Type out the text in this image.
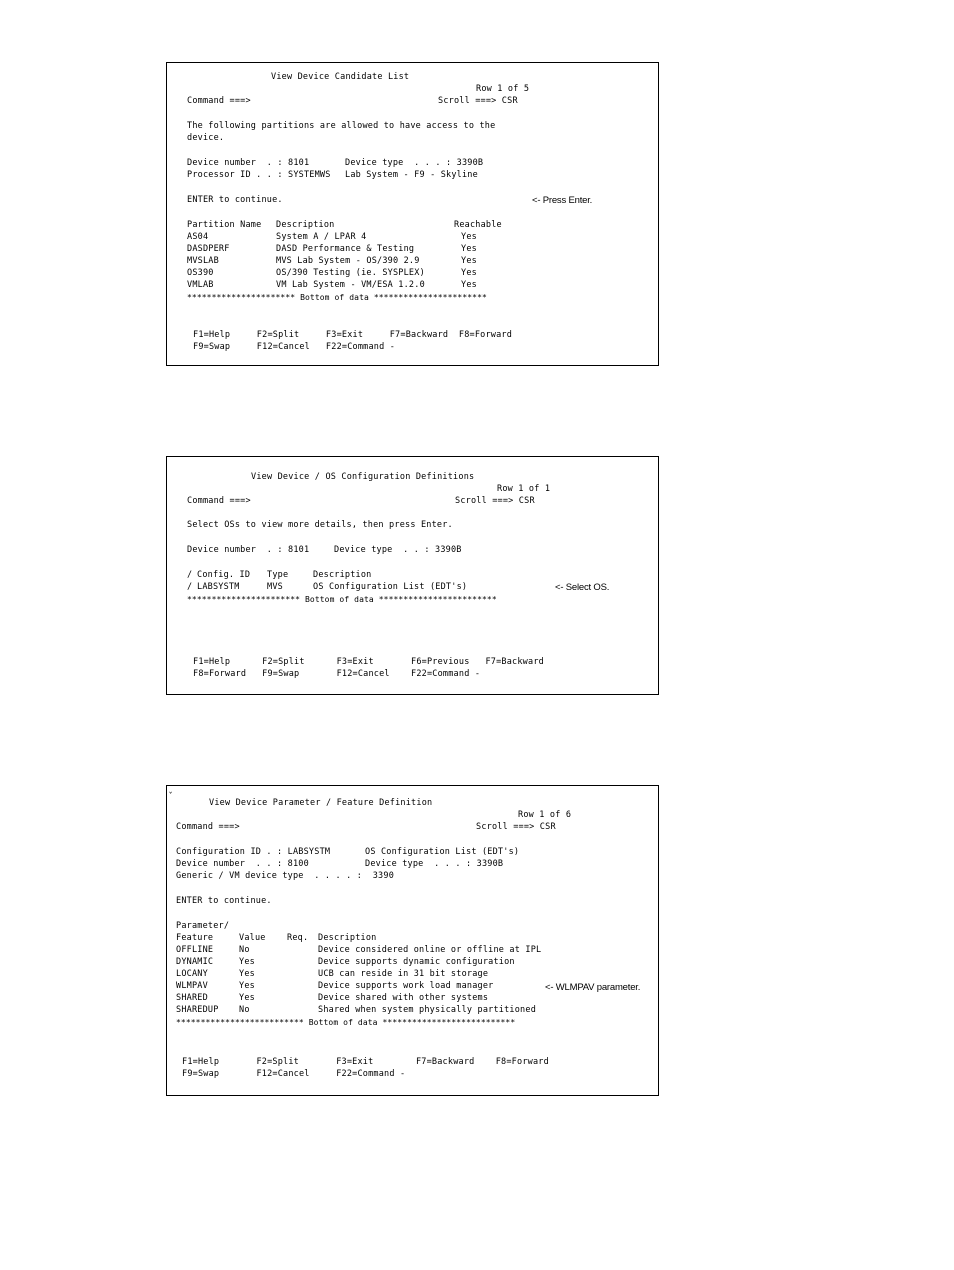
View Device Candidate List
Row 1 of 5
Command ===>	Scroll ===> CSR
The following partitions are allowed to have access to the
device.
Device number  . : 8101	Device type  . . . : 3390B
Processor ID . . : SYSTEMWS Lab System - F9 - Skyline
ENTER to continue.	<- Press Enter.
Partition Name Description	Reachable
AS04	System A / LPAR 4	Yes
DASDPERF	DASD Performance & Testing	Yes
MVSLAB	MVS Lab System - OS/390 2.9	Yes
OS390	OS/390 Testing (ie. SYSPLEX)	Yes
VMLAB	VM Lab System - VM/ESA 1.2.0	Yes
********************** Bottom of data ***********************
F1=Help     F2=Split     F3=Exit     F7=Backward  F8=Forward
F9=Swap     F12=Cancel   F22=Command -
View Device / OS Configuration Definitions
Row 1 of 1
Command ===>	Scroll ===> CSR
Select OSs to view more details, then press Enter.
Device number  . : 8101	Device type  . . : 3390B
/ Config. ID Type	Description
/ LABSYSTM	MVS	OS Configuration List (EDT's)	<- Select OS.
*********************** Bottom of data ************************
F1=Help      F2=Split      F3=Exit       F6=Previous   F7=Backward
F8=Forward   F9=Swap       F12=Cancel    F22=Command -
ˇ
View Device Parameter / Feature Definition
Row 1 of 6
Command ===>	Scroll ===> CSR
Configuration ID . : LABSYSTM	OS Configuration List (EDT's)
Device number  . . : 8100	Device type  . . . : 3390B
Generic / VM device type  . . . . :  3390
ENTER to continue.
Parameter/
Feature	Value	Req. Description
OFFLINE	No	Device considered online or offline at IPL
DYNAMIC	Yes	Device supports dynamic configuration
LOCANY	Yes	UCB can reside in 31 bit storage
WLMPAV	Yes	Device supports work load manager
SHARED	Yes	Device shared with other systems
SHAREDUP No	Shared when system physically partitioned
<- WLMPAV parameter.
************************** Bottom of data ***************************
F1=Help       F2=Split       F3=Exit        F7=Backward    F8=Forward
F9=Swap       F12=Cancel     F22=Command -
